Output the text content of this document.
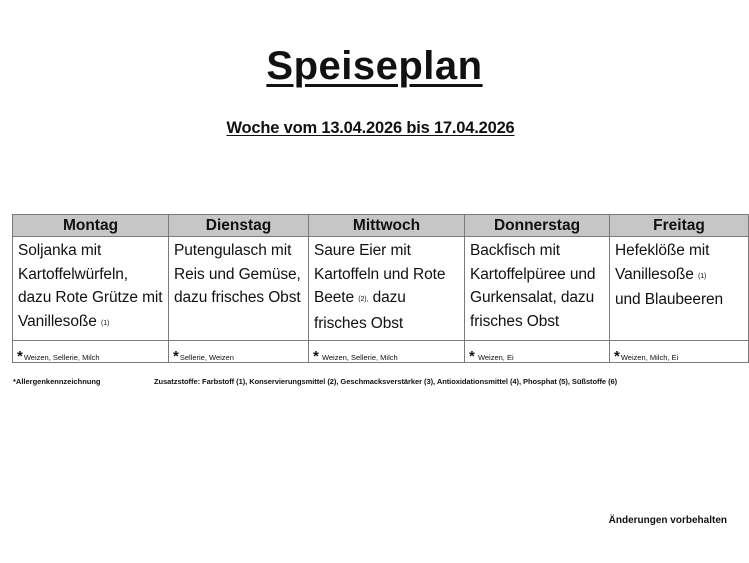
Speiseplan
Woche vom 13.04.2026 bis 17.04.2026
Montag	Dienstag	Mittwoch	Donnerstag	Freitag
Soljanka mit Kartoffelwürfeln, dazu Rote Grütze mit Vanillesoße (1)	Putengulasch mit Reis und Gemüse, dazu frisches Obst	Saure Eier mit Kartoffeln und Rote Beete (2), dazu frisches Obst	Backfisch mit Kartoffelpüree und Gurkensalat, dazu frisches Obst	Hefeklöße mit Vanillesoße (1)
und Blaubeeren
*Weizen, Sellerie, Milch	*Sellerie, Weizen	* Weizen, Sellerie, Milch	* Weizen, Ei	*Weizen, Milch, Ei
*Allergenkennzeichnung	Zusatzstoffe: Farbstoff (1), Konservierungsmittel (2), Geschmacksverstärker (3), Antioxidationsmittel (4), Phosphat (5), Süßstoffe (6)
Änderungen vorbehalten
